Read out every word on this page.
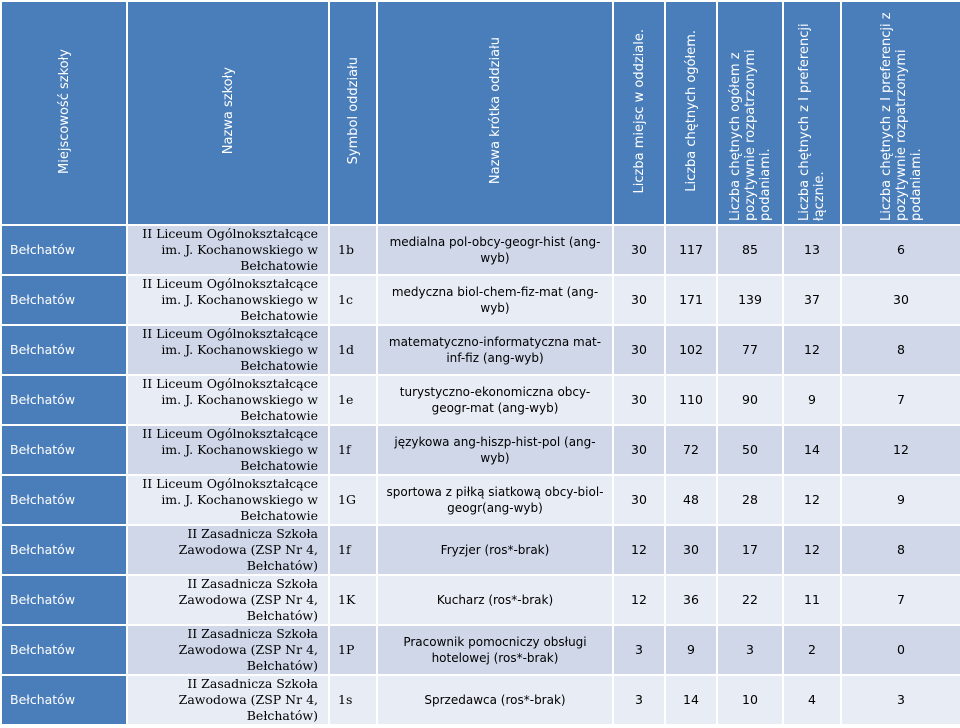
Miejscowość szkoły	Nazwa szkoły	Symbol oddziału	Nazwa krótka oddziału	Liczba miejsc w oddziale.	Liczba chętnych ogółem.	Liczba chętnych ogółem z pozytywnie rozpatrzonymi podaniami.	Liczba chętnych z I preferencji łącznie.	Liczba chętnych z I preferencji z pozytywnie rozpatrzonymi podaniami.
Bełchatów	II Liceum Ogólnokształcące im. J. Kochanowskiego w Bełchatowie	1b	medialna pol-obcy-geogr-hist (ang-wyb)	30	117	85	13	6
Bełchatów	II Liceum Ogólnokształcące im. J. Kochanowskiego w Bełchatowie	1c	medyczna biol-chem-fiz-mat (ang-wyb)	30	171	139	37	30
Bełchatów	II Liceum Ogólnokształcące im. J. Kochanowskiego w Bełchatowie	1d	matematyczno-informatyczna mat-inf-fiz (ang-wyb)	30	102	77	12	8
Bełchatów	II Liceum Ogólnokształcące im. J. Kochanowskiego w Bełchatowie	1e	turystyczno-ekonomiczna obcy-geogr-mat (ang-wyb)	30	110	90	9	7
Bełchatów	II Liceum Ogólnokształcące im. J. Kochanowskiego w Bełchatowie	1f	językowa ang-hiszp-hist-pol (ang-wyb)	30	72	50	14	12
Bełchatów	II Liceum Ogólnokształcące im. J. Kochanowskiego w Bełchatowie	1G	sportowa z piłką siatkową obcy-biol-geogr(ang-wyb)	30	48	28	12	9
Bełchatów	II Zasadnicza Szkoła Zawodowa (ZSP Nr 4, Bełchatów)	1f	Fryzjer (ros*-brak)	12	30	17	12	8
Bełchatów	II Zasadnicza Szkoła Zawodowa (ZSP Nr 4, Bełchatów)	1K	Kucharz (ros*-brak)	12	36	22	11	7
Bełchatów	II Zasadnicza Szkoła Zawodowa (ZSP Nr 4, Bełchatów)	1P	Pracownik pomocniczy obsługi hotelowej (ros*-brak)	3	9	3	2	0
Bełchatów	II Zasadnicza Szkoła Zawodowa (ZSP Nr 4, Bełchatów)	1s	Sprzedawca (ros*-brak)	3	14	10	4	3
